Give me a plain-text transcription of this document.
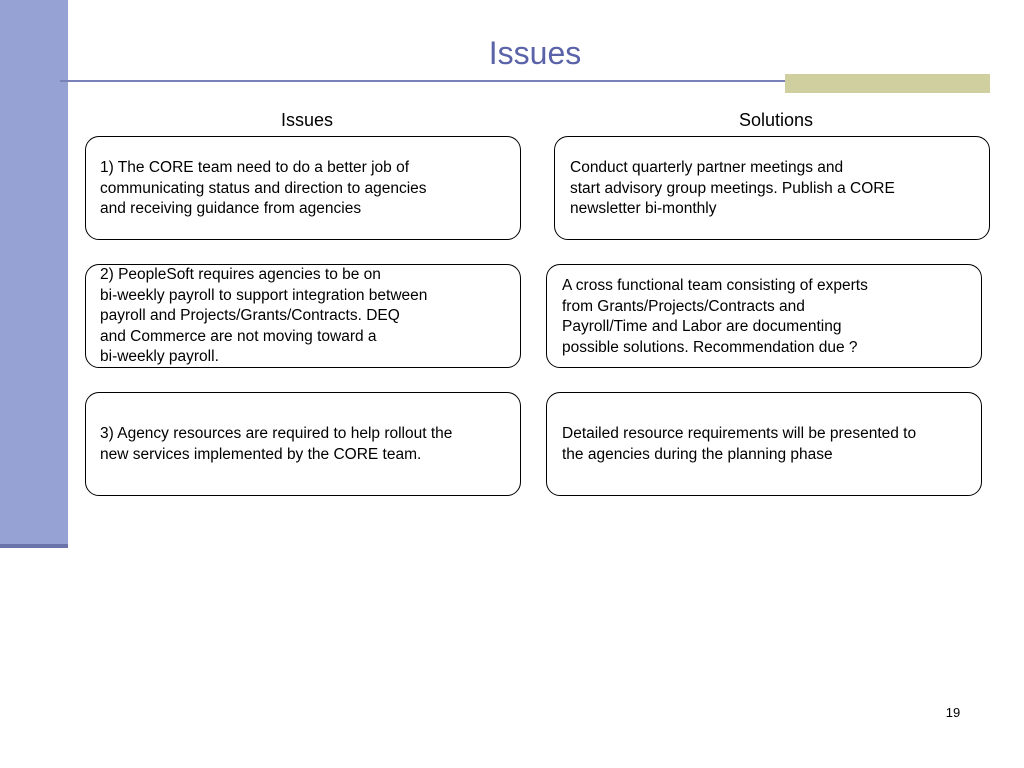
Issues
Issues	Solutions

1) The CORE team need to do a better job of
communicating status and direction to agencies
and receiving guidance from agencies

Conduct quarterly partner meetings and
start advisory group meetings. Publish a CORE
newsletter bi-monthly

2) PeopleSoft requires agencies to be on
bi-weekly payroll to support integration between
payroll and Projects/Grants/Contracts. DEQ
and Commerce are not moving toward a
bi-weekly payroll.

A cross functional team consisting of experts
from Grants/Projects/Contracts and
Payroll/Time and Labor are documenting
possible solutions. Recommendation due ?

3) Agency resources are required to help rollout the
new services implemented by the CORE team.

Detailed resource requirements will be presented to
the agencies during the planning phase

19
